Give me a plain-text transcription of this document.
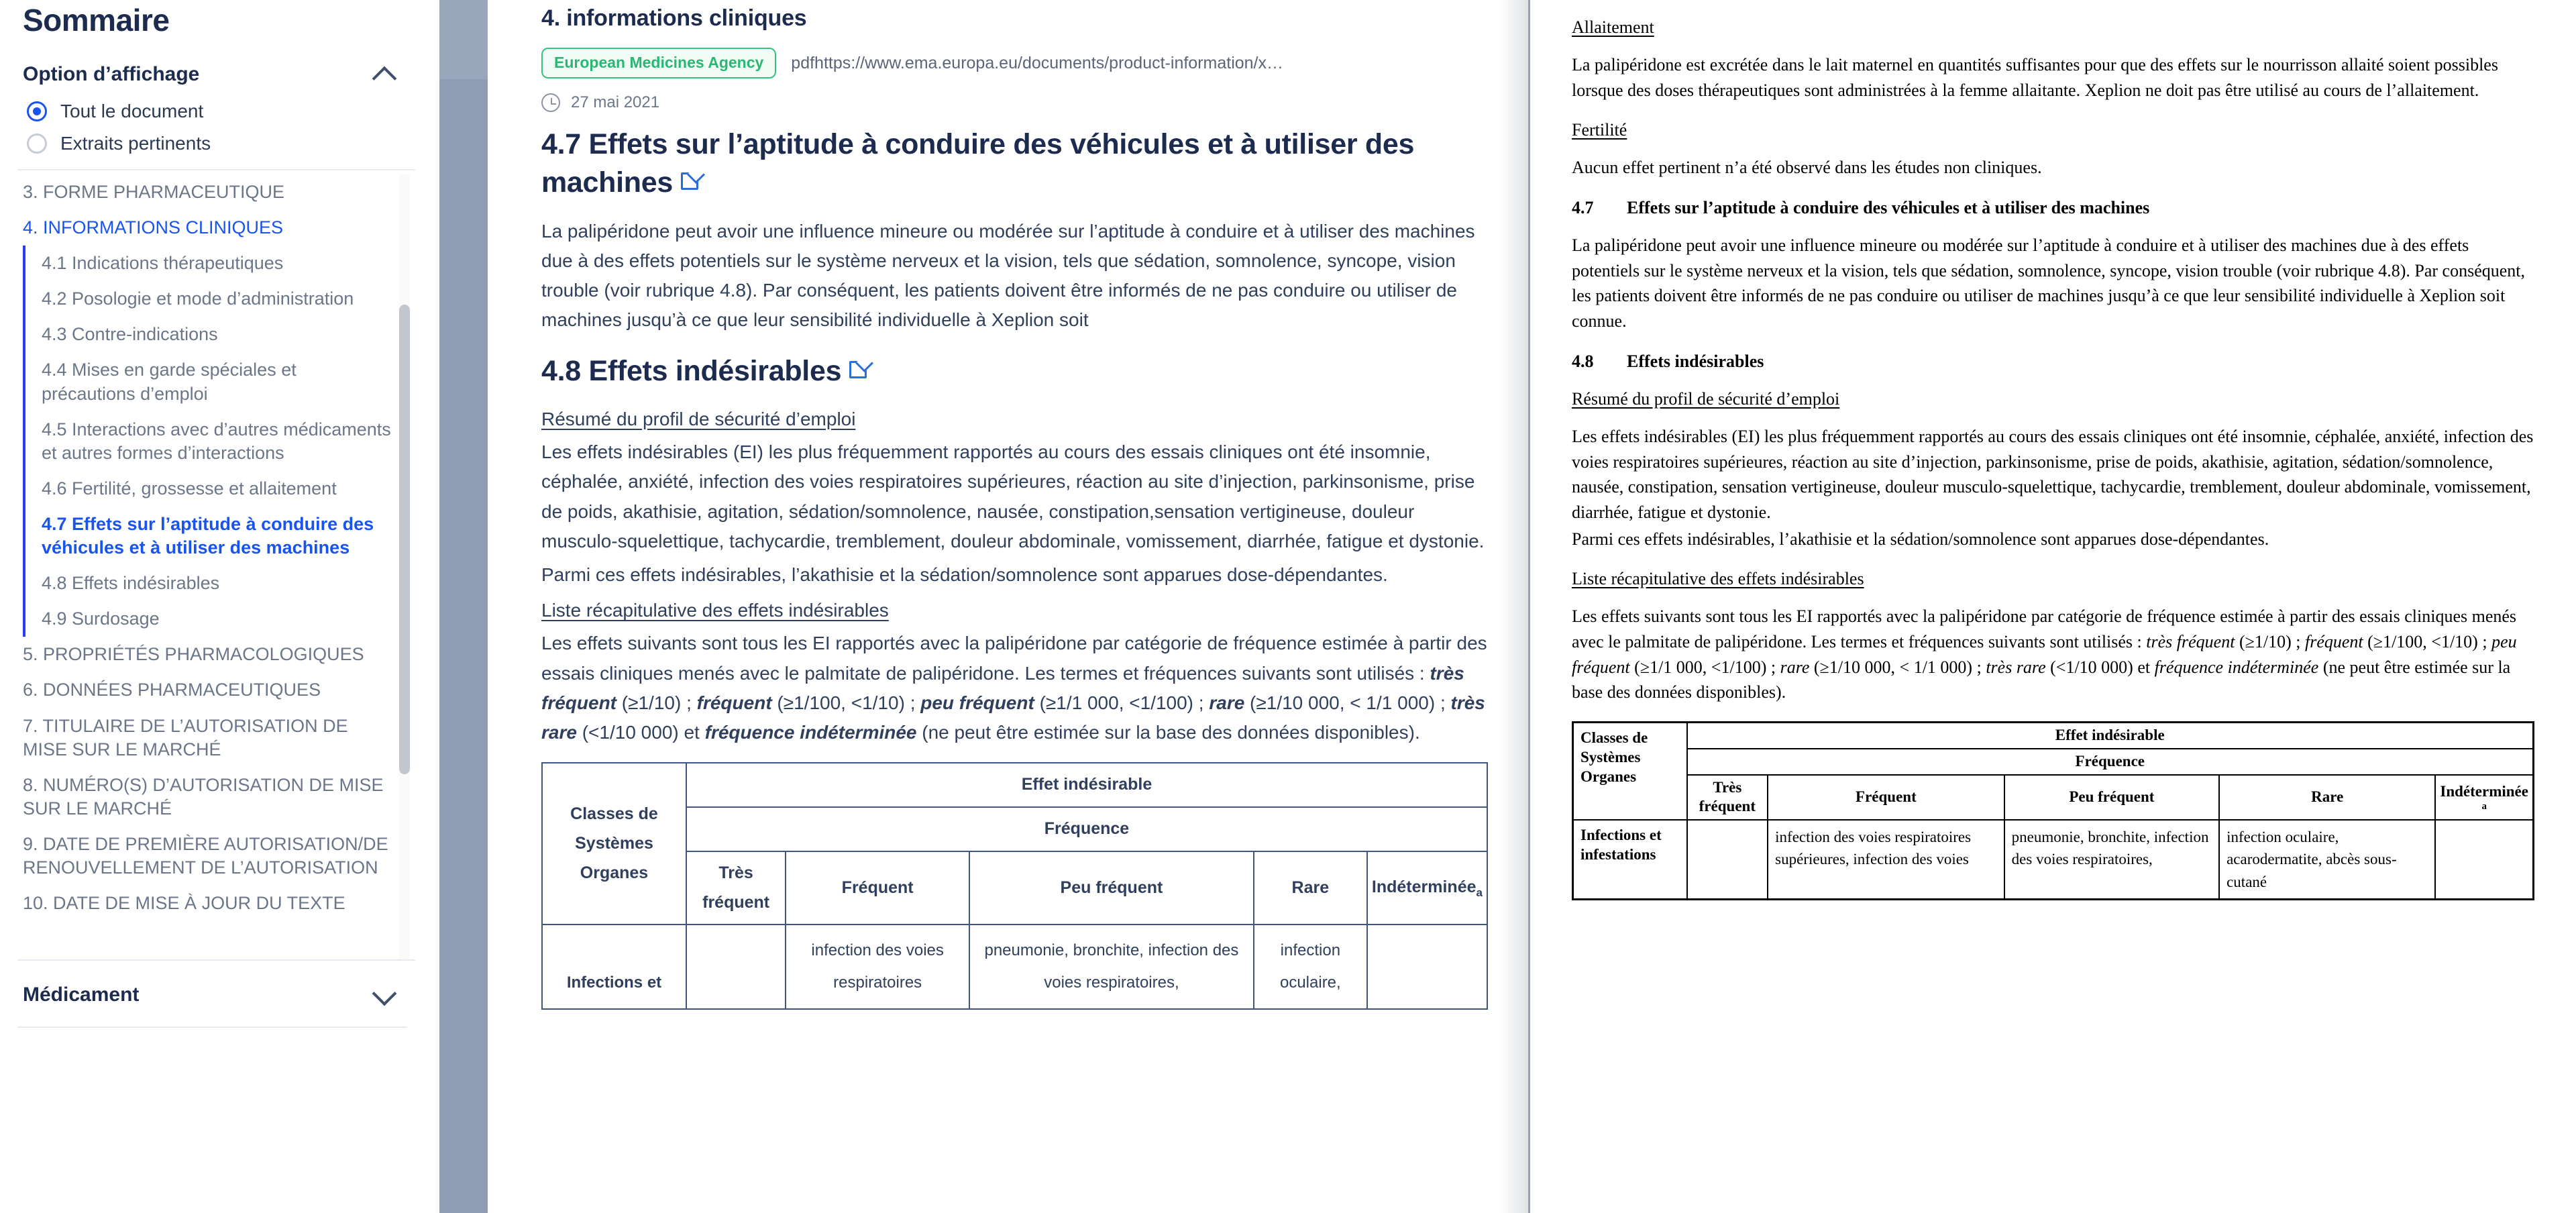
Sommaire
Option d’affichage
Tout le document
Extraits pertinents
3. FORME PHARMACEUTIQUE
4. INFORMATIONS CLINIQUES
4.1 Indications thérapeutiques
4.2 Posologie et mode d’administration
4.3 Contre-indications
4.4 Mises en garde spéciales et précautions d’emploi
4.5 Interactions avec d’autres médicaments et autres formes d’interactions
4.6 Fertilité, grossesse et allaitement
4.7 Effets sur l’aptitude à conduire des véhicules et à utiliser des machines
4.8 Effets indésirables
4.9 Surdosage
5. PROPRIÉTÉS PHARMACOLOGIQUES
6. DONNÉES PHARMACEUTIQUES
7. TITULAIRE DE L’AUTORISATION DE MISE SUR LE MARCHÉ
8. NUMÉRO(S) D’AUTORISATION DE MISE SUR LE MARCHÉ
9. DATE DE PREMIÈRE AUTORISATION/DE RENOUVELLEMENT DE L’AUTORISATION
10. DATE DE MISE À JOUR DU TEXTE
Médicament
4. informations cliniques
European Medicines Agency	pdfhttps://www.ema.europa.eu/documents/product-information/x…
27 mai 2021
4.7 Effets sur l’aptitude à conduire des véhicules et à utiliser des machines

La palipéridone peut avoir une influence mineure ou modérée sur l’aptitude à conduire et à utiliser des machines due à des effets potentiels sur le système nerveux et la vision, tels que sédation, somnolence, syncope, vision trouble (voir rubrique 4.8). Par conséquent, les patients doivent être informés de ne pas conduire ou utiliser de machines jusqu’à ce que leur sensibilité individuelle à Xeplion soit

4.8 Effets indésirables
Résumé du profil de sécurité d’emploi

Les effets indésirables (EI) les plus fréquemment rapportés au cours des essais cliniques ont été insomnie, céphalée, anxiété, infection des voies respiratoires supérieures, réaction au site d’injection, parkinsonisme, prise de poids, akathisie, agitation, sédation/somnolence, nausée, constipation,sensation vertigineuse, douleur musculo-squelettique, tachycardie, tremblement, douleur abdominale, vomissement, diarrhée, fatigue et dystonie.

Parmi ces effets indésirables, l’akathisie et la sédation/somnolence sont apparues dose-dépendantes.

Liste récapitulative des effets indésirables

Les effets suivants sont tous les EI rapportés avec la palipéridone par catégorie de fréquence estimée à partir des essais cliniques menés avec le palmitate de palipéridone. Les termes et fréquences suivants sont utilisés : très fréquent (≥1/10) ; fréquent (≥1/100, <1/10) ; peu fréquent (≥1/1 000, <1/100) ; rare (≥1/10 000, < 1/1 000) ; très rare (<1/10 000) et fréquence indéterminée (ne peut être estimée sur la base des données disponibles).

Classes de Systèmes Organes	Effet indésirable				
	Fréquence				
	Très fréquent	Fréquent	Peu fréquent	Rare	Indéterminée$_a$
Infections et		infection des voies respiratoires	pneumonie, bronchite, infection des voies respiratoires,	infection oculaire,	
Allaitement

La palipéridone est excrétée dans le lait maternel en quantités suffisantes pour que des effets sur le nourrisson allaité soient possibles lorsque des doses thérapeutiques sont administrées à la femme allaitante. Xeplion ne doit pas être utilisé au cours de l’allaitement.

Fertilité

Aucun effet pertinent n’a été observé dans les études non cliniques.

4.7	Effets sur l’aptitude à conduire des véhicules et à utiliser des machines

La palipéridone peut avoir une influence mineure ou modérée sur l’aptitude à conduire et à utiliser des machines due à des effets potentiels sur le système nerveux et la vision, tels que sédation, somnolence, syncope, vision trouble (voir rubrique 4.8). Par conséquent, les patients doivent être informés de ne pas conduire ou utiliser de machines jusqu’à ce que leur sensibilité individuelle à Xeplion soit connue.

4.8	Effets indésirables
Résumé du profil de sécurité d’emploi

Les effets indésirables (EI) les plus fréquemment rapportés au cours des essais cliniques ont été insomnie, céphalée, anxiété, infection des voies respiratoires supérieures, réaction au site d’injection, parkinsonisme, prise de poids, akathisie, agitation, sédation/somnolence, nausée, constipation, sensation vertigineuse, douleur musculo-squelettique, tachycardie, tremblement, douleur abdominale, vomissement, diarrhée, fatigue et dystonie.

Parmi ces effets indésirables, l’akathisie et la sédation/somnolence sont apparues dose-dépendantes.

Liste récapitulative des effets indésirables

Les effets suivants sont tous les EI rapportés avec la palipéridone par catégorie de fréquence estimée à partir des essais cliniques menés avec le palmitate de palipéridone. Les termes et fréquences suivants sont utilisés : très fréquent (≥1/10) ; fréquent (≥1/100, <1/10) ; peu fréquent (≥1/1 000, <1/100) ; rare (≥1/10 000, < 1/1 000) ; très rare (<1/10 000) et fréquence indéterminée (ne peut être estimée sur la base des données disponibles).

Classes de Systèmes Organes	Effet indésirable				
	Fréquence				
	Très fréquent	Fréquent	Peu fréquent	Rare	Indéterminée
a

Infections et infestations		infection des voies respiratoires supérieures, infection des voies	pneumonie, bronchite, infection des voies respiratoires,	infection oculaire, acarodermatite, abcès sous-cutané	
